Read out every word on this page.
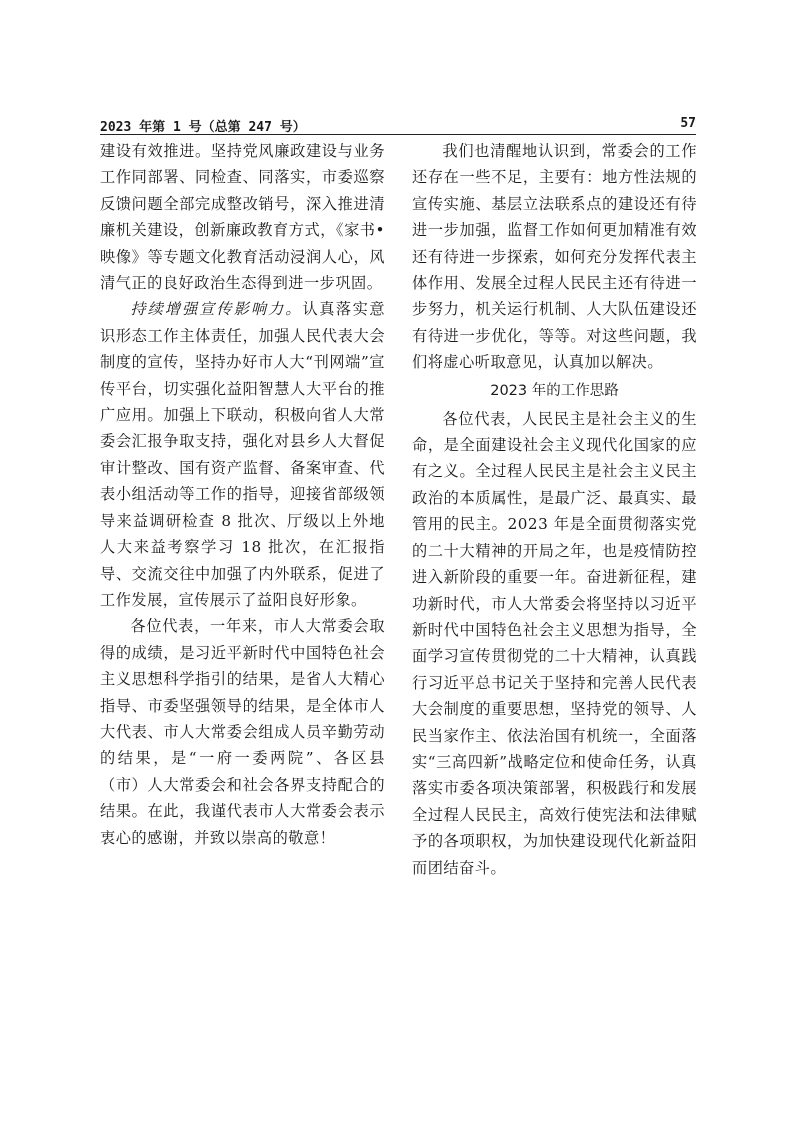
2023 年第 1 号（总第 247 号）	57

建设有效推进。坚持党风廉政建设与业务工作同部署、同检查、同落实，市委巡察反馈问题全部完成整改销号，深入推进清廉机关建设，创新廉政教育方式，《家书•映像》等专题文化教育活动浸润人心，风清气正的良好政治生态得到进一步巩固。

持续增强宣传影响力。认真落实意识形态工作主体责任，加强人民代表大会制度的宣传，坚持办好市人大“刊网端”宣传平台，切实强化益阳智慧人大平台的推广应用。加强上下联动，积极向省人大常委会汇报争取支持，强化对县乡人大督促审计整改、国有资产监督、备案审查、代表小组活动等工作的指导，迎接省部级领导来益调研检查 8 批次、厅级以上外地人大来益考察学习 18 批次，在汇报指导、交流交往中加强了内外联系，促进了工作发展，宣传展示了益阳良好形象。

各位代表，一年来，市人大常委会取得的成绩，是习近平新时代中国特色社会主义思想科学指引的结果，是省人大精心指导、市委坚强领导的结果，是全体市人大代表、市人大常委会组成人员辛勤劳动的结果，是“一府一委两院”、各区县（市）人大常委会和社会各界支持配合的结果。在此，我谨代表市人大常委会表示衷心的感谢，并致以崇高的敬意！

我们也清醒地认识到，常委会的工作还存在一些不足，主要有：地方性法规的宣传实施、基层立法联系点的建设还有待进一步加强，监督工作如何更加精准有效还有待进一步探索，如何充分发挥代表主体作用、发展全过程人民民主还有待进一步努力，机关运行机制、人大队伍建设还有待进一步优化，等等。对这些问题，我们将虚心听取意见，认真加以解决。

2023 年的工作思路

各位代表，人民民主是社会主义的生命，是全面建设社会主义现代化国家的应有之义。全过程人民民主是社会主义民主政治的本质属性，是最广泛、最真实、最管用的民主。2023 年是全面贯彻落实党的二十大精神的开局之年，也是疫情防控进入新阶段的重要一年。奋进新征程，建功新时代，市人大常委会将坚持以习近平新时代中国特色社会主义思想为指导，全面学习宣传贯彻党的二十大精神，认真践行习近平总书记关于坚持和完善人民代表大会制度的重要思想，坚持党的领导、人民当家作主、依法治国有机统一，全面落实“三高四新”战略定位和使命任务，认真落实市委各项决策部署，积极践行和发展全过程人民民主，高效行使宪法和法律赋予的各项职权，为加快建设现代化新益阳而团结奋斗。
